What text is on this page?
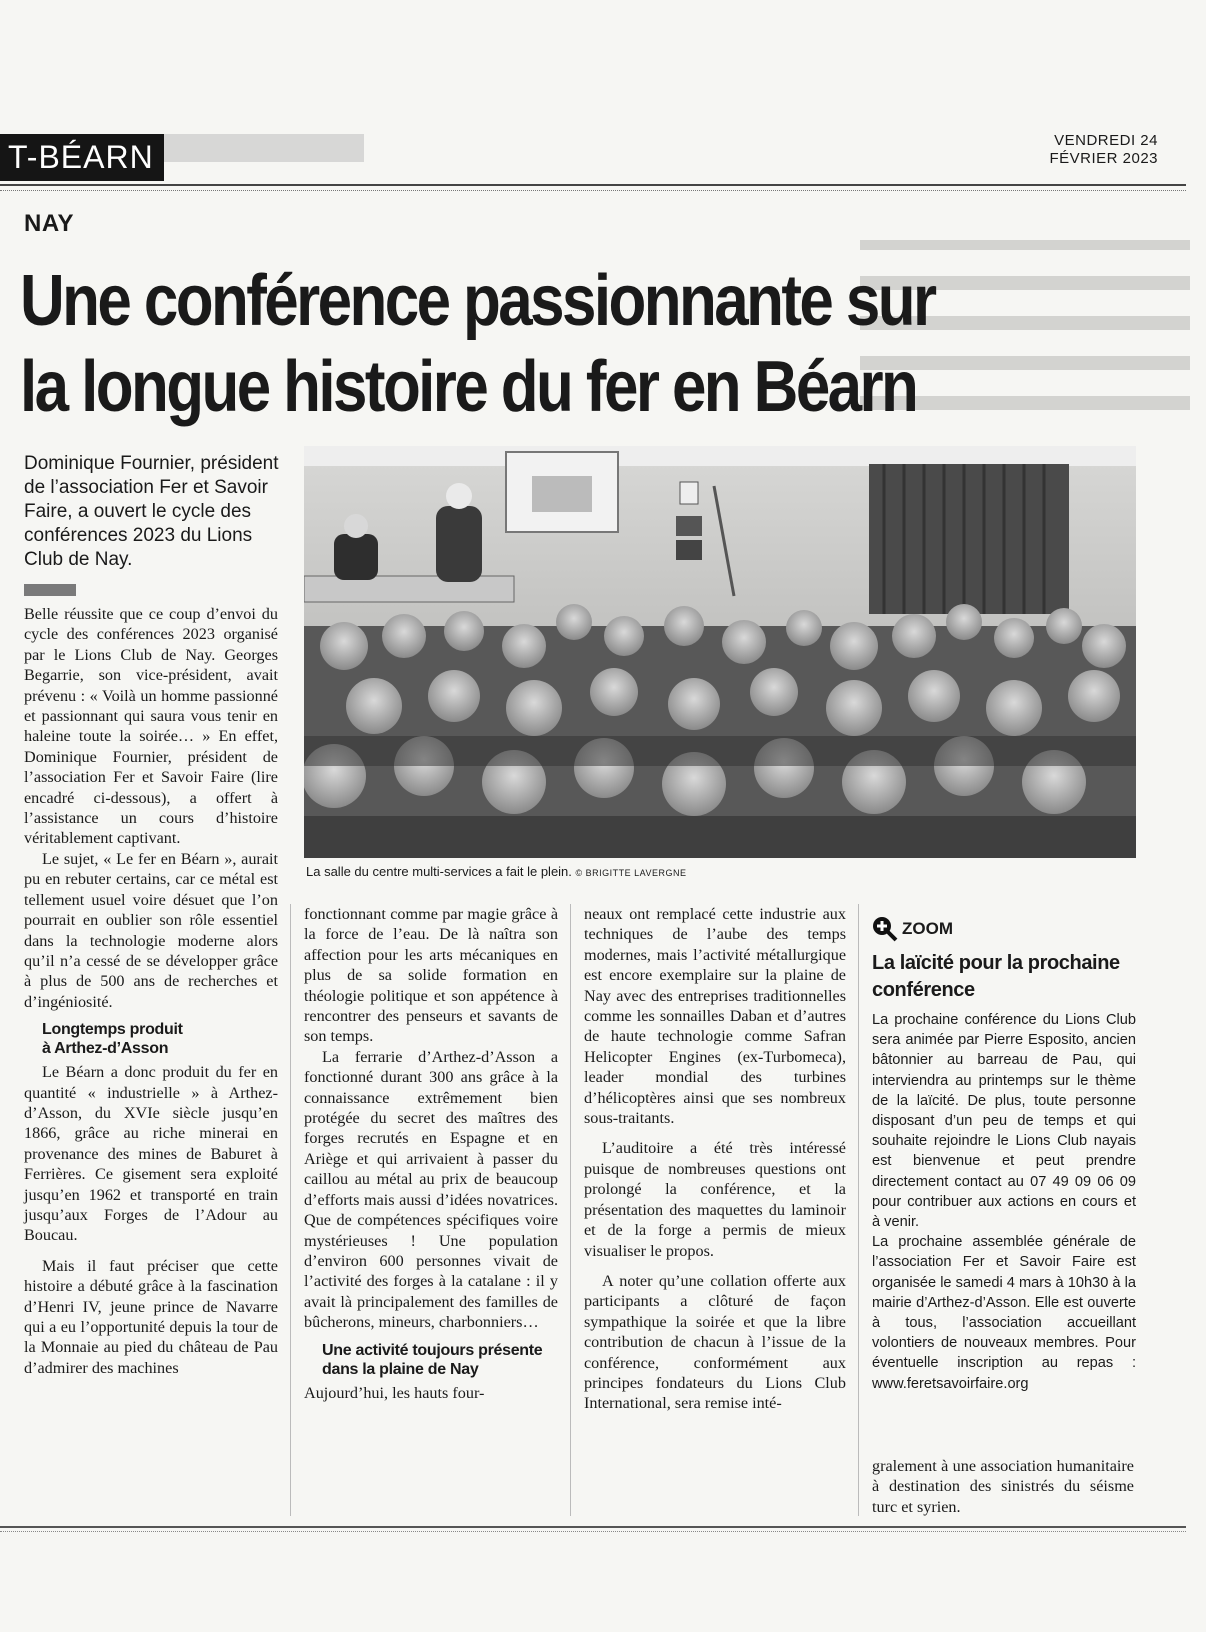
T-BÉARN	VENDREDI 24
FÉVRIER 2023
NAY
Une conférence passionnante sur
la longue histoire du fer en Béarn
Dominique Fournier, président de l’association Fer et Savoir Faire, a ouvert le cycle des conférences 2023 du Lions Club de Nay.
La salle du centre multi-services a fait le plein. © BRIGITTE LAVERGNE

Belle réussite que ce coup d’envoi du cycle des conférences 2023 organisé par le Lions Club de Nay. Georges Begarrie, son vice-président, avait prévenu : « Voilà un homme passionné et passionnant qui saura vous tenir en haleine toute la soirée… » En effet, Dominique Fournier, président de l’association Fer et Savoir Faire (lire encadré ci-dessous), a offert à l’assistance un cours d’histoire véritablement captivant.

Le sujet, « Le fer en Béarn », aurait pu en rebuter certains, car ce métal est tellement usuel voire désuet que l’on pourrait en oublier son rôle essentiel dans la technologie moderne alors qu’il n’a cessé de se développer grâce à plus de 500 ans de recherches et d’ingéniosité.

Longtemps produit
à Arthez-d’Asson

Le Béarn a donc produit du fer en quantité « industrielle » à Arthez-d’Asson, du XVIe siècle jusqu’en 1866, grâce au riche minerai en provenance des mines de Baburet à Ferrières. Ce gisement sera exploité jusqu’en 1962 et transporté en train jusqu’aux Forges de l’Adour au Boucau.

Mais il faut préciser que cette histoire a débuté grâce à la fascination d’Henri IV, jeune prince de Navarre qui a eu l’opportunité depuis la tour de la Monnaie au pied du château de Pau d’admirer des machines

fonctionnant comme par magie grâce à la force de l’eau. De là naîtra son affection pour les arts mécaniques en plus de sa solide formation en théologie politique et son appétence à rencontrer des penseurs et savants de son temps.

La ferrarie d’Arthez-d’Asson a fonctionné durant 300 ans grâce à la connaissance extrêmement bien protégée du secret des maîtres des forges recrutés en Espagne et en Ariège et qui arrivaient à passer du caillou au métal au prix de beaucoup d’efforts mais aussi d’idées novatrices. Que de compétences spécifiques voire mystérieuses ! Une population d’environ 600 personnes vivait de l’activité des forges à la catalane : il y avait là principalement des familles de bûcherons, mineurs, charbonniers…

Une activité toujours présente
dans la plaine de Nay

Aujourd’hui, les hauts four-

neaux ont remplacé cette industrie aux techniques de l’aube des temps modernes, mais l’activité métallurgique est encore exemplaire sur la plaine de Nay avec des entreprises traditionnelles comme les sonnailles Daban et d’autres de haute technologie comme Safran Helicopter Engines (ex-Turbomeca), leader mondial des turbines d’hélicoptères ainsi que ses nombreux sous-traitants.

L’auditoire a été très intéressé puisque de nombreuses questions ont prolongé la conférence, et la présentation des maquettes du laminoir et de la forge a permis de mieux visualiser le propos.

A noter qu’une collation offerte aux participants a clôturé de façon sympathique la soirée et que la libre contribution de chacun à l’issue de la conférence, conformément aux principes fondateurs du Lions Club International, sera remise inté-

ZOOM
La laïcité pour la prochaine conférence

La prochaine conférence du Lions Club sera animée par Pierre Esposito, ancien bâtonnier au barreau de Pau, qui interviendra au printemps sur le thème de la laïcité. De plus, toute personne disposant d’un peu de temps et qui souhaite rejoindre le Lions Club nayais est bienvenue et peut prendre directement contact au 07 49 09 06 09 pour contribuer aux actions en cours et à venir.

La prochaine assemblée générale de l’association Fer et Savoir Faire est organisée le samedi 4 mars à 10h30 à la mairie d’Arthez-d’Asson. Elle est ouverte à tous, l’association accueillant volontiers de nouveaux membres. Pour éventuelle inscription au repas : www.feretsavoirfaire.org

gralement à une association humanitaire à destination des sinistrés du séisme turc et syrien.
